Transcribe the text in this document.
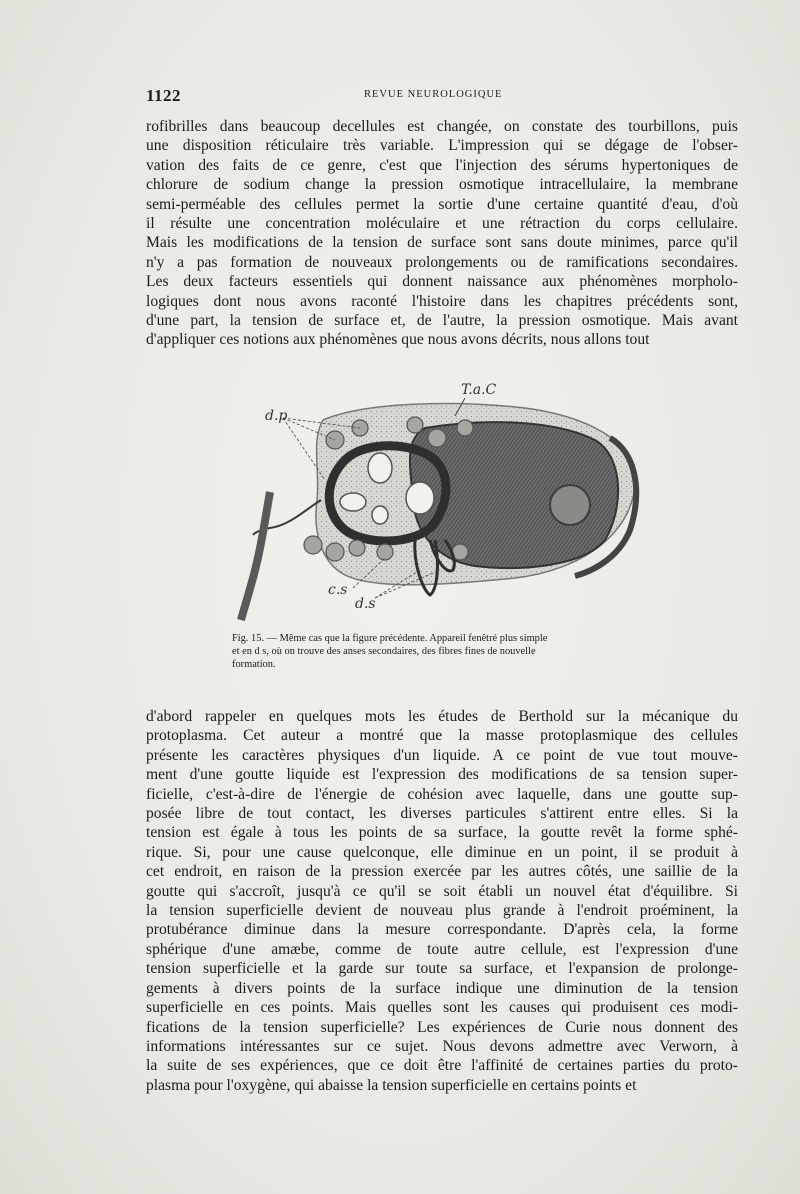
1122	REVUE NEUROLOGIQUE
rofibrilles dans beaucoup decellules est changée, on constate des tourbillons, puis
une disposition réticulaire très variable. L'impression qui se dégage de l'obser-
vation des faits de ce genre, c'est que l'injection des sérums hypertoniques de
chlorure de sodium change la pression osmotique intracellulaire, la membrane
semi-perméable des cellules permet la sortie d'une certaine quantité d'eau, d'où
il résulte une concentration moléculaire et une rétraction du corps cellulaire.
Mais les modifications de la tension de surface sont sans doute minimes, parce qu'il
n'y a pas formation de nouveaux prolongements ou de ramifications secondaires.
Les deux facteurs essentiels qui donnent naissance aux phénomènes morpholo-
logiques dont nous avons raconté l'histoire dans les chapitres précédents sont,
d'une part, la tension de surface et, de l'autre, la pression osmotique. Mais avant
d'appliquer ces notions aux phénomènes que nous avons décrits, nous allons tout
T.a.C
d.p
c.s
d.s
Fig. 15. — Même cas que la figure précédente. Appareil fenêtré plus simple
et en d s, où on trouve des anses secondaires, des fibres fines de nouvelle
formation.
d'abord rappeler en quelques mots les études de Berthold sur la mécanique du
protoplasma. Cet auteur a montré que la masse protoplasmique des cellules
présente les caractères physiques d'un liquide. A ce point de vue tout mouve-
ment d'une goutte liquide est l'expression des modifications de sa tension super-
ficielle, c'est-à-dire de l'énergie de cohésion avec laquelle, dans une goutte sup-
posée libre de tout contact, les diverses particules s'attirent entre elles. Si la
tension est égale à tous les points de sa surface, la goutte revêt la forme sphé-
rique. Si, pour une cause quelconque, elle diminue en un point, il se produit à
cet endroit, en raison de la pression exercée par les autres côtés, une saillie de la
goutte qui s'accroît, jusqu'à ce qu'il se soit établi un nouvel état d'équilibre. Si
la tension superficielle devient de nouveau plus grande à l'endroit proéminent, la
protubérance diminue dans la mesure correspondante. D'après cela, la forme
sphérique d'une amæbe, comme de toute autre cellule, est l'expression d'une
tension superficielle et la garde sur toute sa surface, et l'expansion de prolonge-
gements à divers points de la surface indique une diminution de la tension
superficielle en ces points. Mais quelles sont les causes qui produisent ces modi-
fications de la tension superficielle? Les expériences de Curie nous donnent des
informations intéressantes sur ce sujet. Nous devons admettre avec Verworn, à
la suite de ses expériences, que ce doit être l'affinité de certaines parties du proto-
plasma pour l'oxygène, qui abaisse la tension superficielle en certains points et
